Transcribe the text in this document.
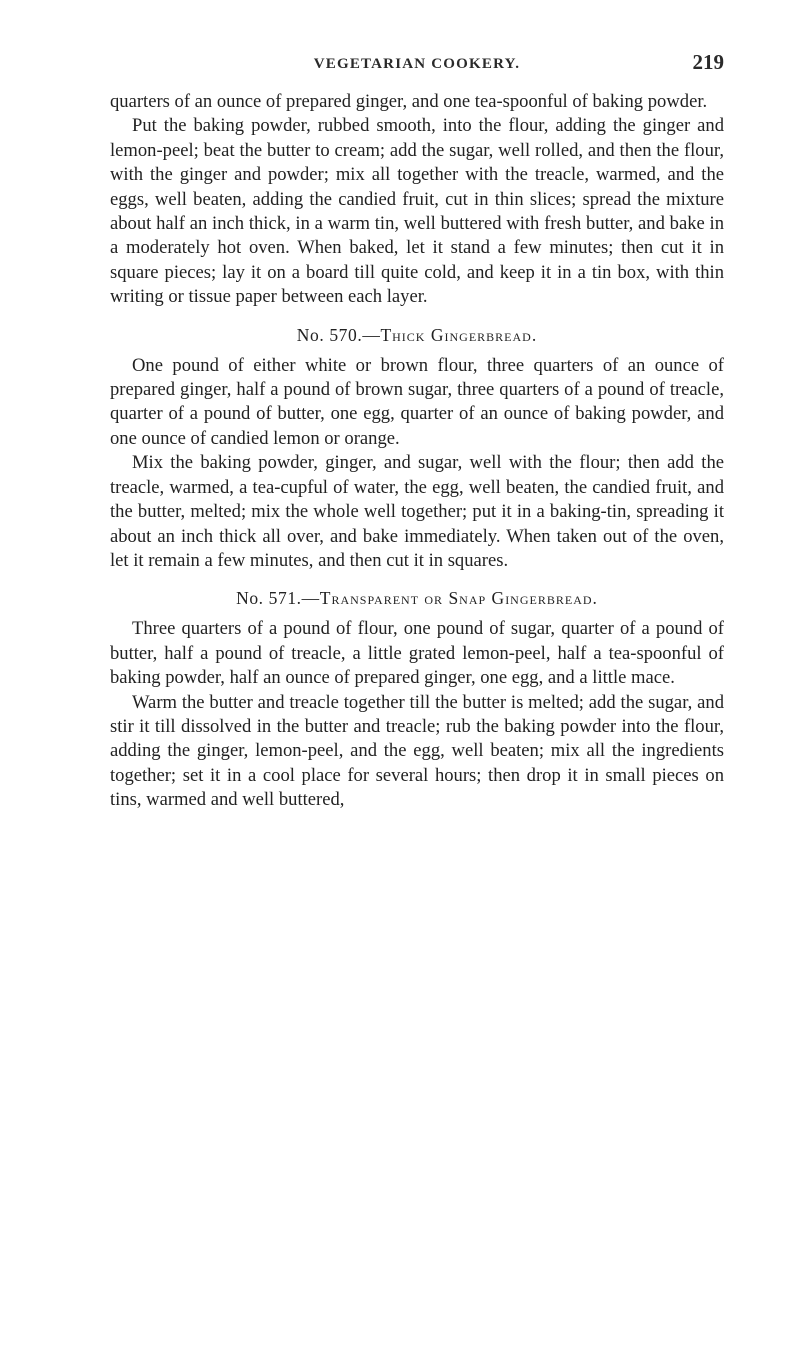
VEGETARIAN COOKERY.	219

quarters of an ounce of prepared ginger, and one tea-spoonful of baking powder.

Put the baking powder, rubbed smooth, into the flour, adding the ginger and lemon-peel; beat the butter to cream; add the sugar, well rolled, and then the flour, with the ginger and powder; mix all together with the treacle, warmed, and the eggs, well beaten, adding the candied fruit, cut in thin slices; spread the mixture about half an inch thick, in a warm tin, well buttered with fresh butter, and bake in a moderately hot oven. When baked, let it stand a few minutes; then cut it in square pieces; lay it on a board till quite cold, and keep it in a tin box, with thin writing or tissue paper between each layer.

No. 570.—Thick Gingerbread.

One pound of either white or brown flour, three quarters of an ounce of prepared ginger, half a pound of brown sugar, three quarters of a pound of treacle, quarter of a pound of butter, one egg, quarter of an ounce of baking powder, and one ounce of candied lemon or orange.

Mix the baking powder, ginger, and sugar, well with the flour; then add the treacle, warmed, a tea-cupful of water, the egg, well beaten, the candied fruit, and the butter, melted; mix the whole well together; put it in a baking-tin, spreading it about an inch thick all over, and bake immediately. When taken out of the oven, let it remain a few minutes, and then cut it in squares.

No. 571.—Transparent or Snap Gingerbread.

Three quarters of a pound of flour, one pound of sugar, quarter of a pound of butter, half a pound of treacle, a little grated lemon-peel, half a tea-spoonful of baking powder, half an ounce of prepared ginger, one egg, and a little mace.

Warm the butter and treacle together till the butter is melted; add the sugar, and stir it till dissolved in the butter and treacle; rub the baking powder into the flour, adding the ginger, lemon-peel, and the egg, well beaten; mix all the ingredients together; set it in a cool place for several hours; then drop it in small pieces on tins, warmed and well buttered,
